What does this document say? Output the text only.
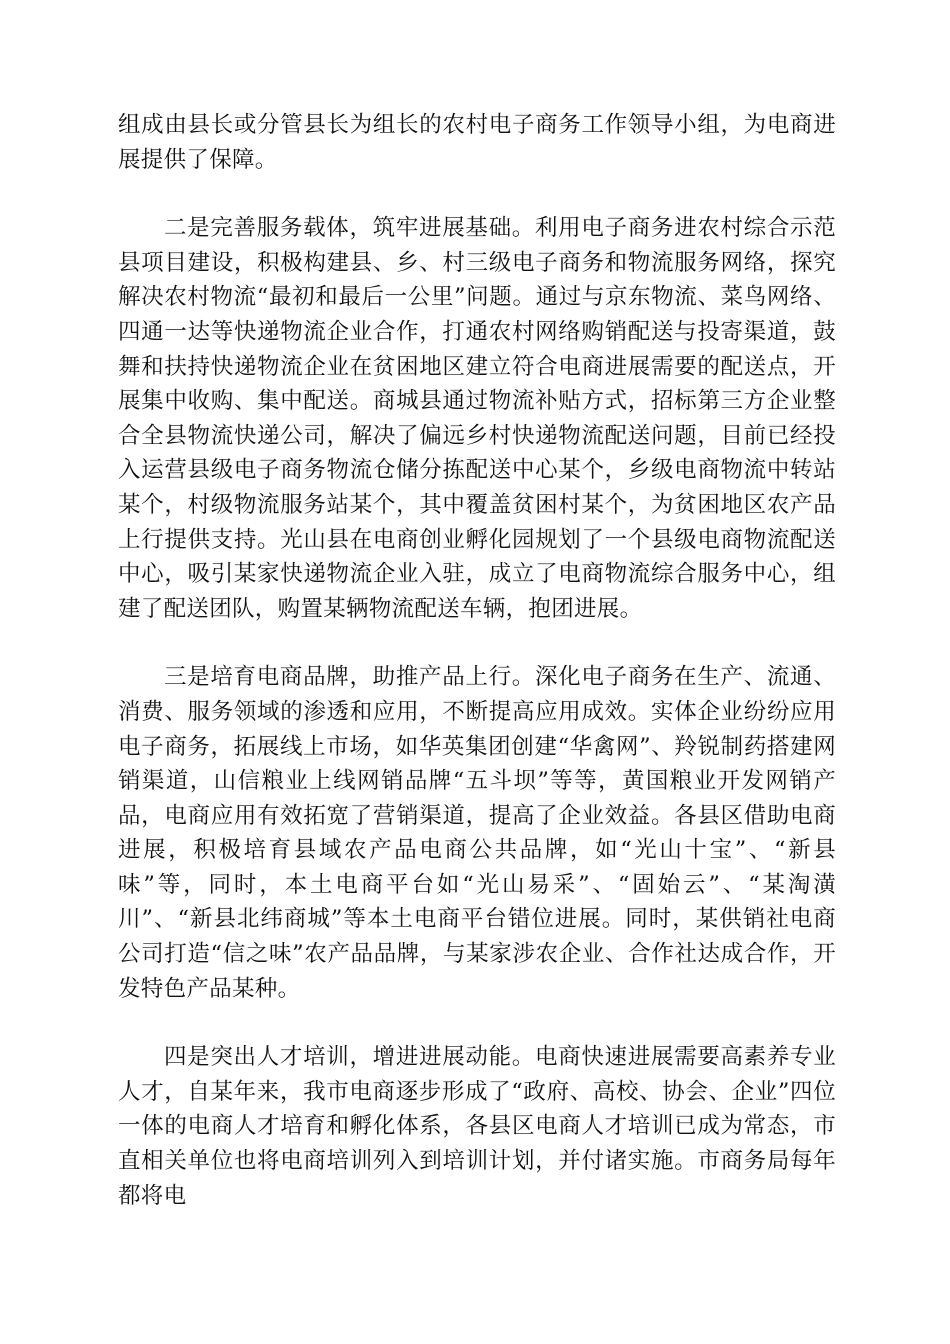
组成由县长或分管县长为组长的农村电子商务工作领导小组，为电商进展提供了保障。

二是完善服务载体，筑牢进展基础。利用电子商务进农村综合示范县项目建设，积极构建县、乡、村三级电子商务和物流服务网络，探究解决农村物流“最初和最后一公里”问题。通过与京东物流、菜鸟网络、四通一达等快递物流企业合作，打通农村网络购销配送与投寄渠道，鼓舞和扶持快递物流企业在贫困地区建立符合电商进展需要的配送点，开展集中收购、集中配送。商城县通过物流补贴方式，招标第三方企业整合全县物流快递公司，解决了偏远乡村快递物流配送问题，目前已经投入运营县级电子商务物流仓储分拣配送中心某个，乡级电商物流中转站某个，村级物流服务站某个，其中覆盖贫困村某个，为贫困地区农产品上行提供支持。光山县在电商创业孵化园规划了一个县级电商物流配送中心，吸引某家快递物流企业入驻，成立了电商物流综合服务中心，组建了配送团队，购置某辆物流配送车辆，抱团进展。

三是培育电商品牌，助推产品上行。深化电子商务在生产、流通、消费、服务领域的渗透和应用，不断提高应用成效。实体企业纷纷应用电子商务，拓展线上市场，如华英集团创建“华禽网”、羚锐制药搭建网销渠道，山信粮业上线网销品牌“五斗坝”等等，黄国粮业开发网销产品，电商应用有效拓宽了营销渠道，提高了企业效益。各县区借助电商进展，积极培育县域农产品电商公共品牌，如“光山十宝”、“新县味”等，同时，本土电商平台如“光山易采”、“固始云”、“某淘潢川”、“新县北纬商城”等本土电商平台错位进展。同时，某供销社电商公司打造“信之味”农产品品牌，与某家涉农企业、合作社达成合作，开发特色产品某种。

四是突出人才培训，增进进展动能。电商快速进展需要高素养专业人才，自某年来，我市电商逐步形成了“政府、高校、协会、企业”四位一体的电商人才培育和孵化体系，各县区电商人才培训已成为常态，市直相关单位也将电商培训列入到培训计划，并付诸实施。市商务局每年都将电
